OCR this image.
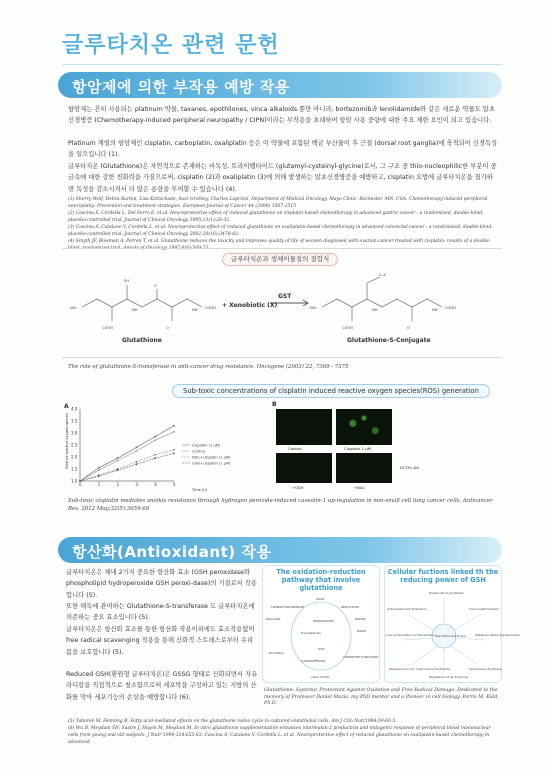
글루타치온 관련 문헌
항암제에 의한 부작용 예방 작용
항암제는 흔히 사용되는 platinum 약물, taxanes, epothilones, vinca alkaloids 뿐만 아니라, bortezomib과 lenolidamide와 같은 새로운 약물도 말초신경병증 (Chemotherapy-induced peripheral neuropathy / CIPN)이라는 부작용을 초래하며 항암 사용 중량에 대한 주요 제한 요인이 되고 있습니다.
Platinum 계열의 항암제인 cisplatin, carboplatin, oxaliplatin 등은 이 약물에 포함된 백금 부산물이 후 근절 (dorsal root ganglia)에 축적되어 신경독성을 일으킵니다 (1).
글루타치온 (Glutathione)은 자연적으로 존재하는 비독성, 트라이펩타이드 (glutamyl-cysteinyl-glycine)로서, 그 구조 중 thio-nucleophilic한 부분이 중금속에 대한 강한 친화력을 가짐으로써, cisplatin (2)과 oxaliplatin (3)에 의해 발생하는 말초신경병증을 예방하고, cisplatin 요법에 글루타치온을 첨가하면 독성을 감소시켜서 더 많은 용량을 투여할 수 있습니다 (4).
(1) Sherry Wolf, Debra Barton, Lisa Kottschade, Axel Grothey, Charles Loprinzi, Department of Medical Oncology, Mayo Clinic, Rochester, MN, USA. Chemotherapy-induced peripheral neuropathy: Prevention and treatment strategies. European Journal of Cancer 44 (2008) 1507-1515
(2) Cascinu S, Cordella L, Del Ferro E, et al. Neuroprotective effect of reduced glutathione on cisplatin-based chemotherapy in advanced gastric cancer : a randomized, double-blind, placebo-controlled trial. Journal of Clinical Oncology 1995;13(1):26-32.
(3) Cascinu S, Catalano V, Cordella L, et al. Neuroprotective effect of reduced glutathione on oxaliplatin-based chemotherapy in advanced colorectal cancer : a randomized, double-blind, placebo-controlled trial. Journal of Clinical Oncology 2002;20(16):3478-83.
(4) Smyth JF, Bowman A, Perren T, et al. Glutathione reduces the toxicity and improves quality of life of women diagnosed with ovarian cancer treated with cisplatin: results of a double-blind, randomized trial. Annals of Oncology 1997;8(6):569-73.
글루타치온과 생체이물질의 결합식
SH
NH₂
COOH
O
NH
O
NH COOH
S–X
NH₂
COOH	O
NH	NH COOH
+ Xenobiotic (X)
GST
Glutathione	Glutathione-S-Conjugate
The role of glutathione-S-transferase in anti-cancer drug resistance. Oncogene (2003) 22, 7369 - 7375
Sub-toxic concentrations of cisplatin induced reactive oxygen species(ROS) generation
A
Relative reactive oxygen species
Time (h)
1.0
1.5
2.0
2.5
3.0
3.5
4.0
0	1	2	3	4	5
Cisplatin (1 μM)
Control
NAC+cisplatin (1 μM)
GSH+cisplatin (1 μM)
B
Control	Cisplatin 1 μM
+GSH	+NAC
DCFH₂-DA
Sub-toxic cisplatin mediates anoikis resistance through hydrogen peroxide-induced caveolin-1 up-regulation in non-small cell lung cancer cells. Anticancer Res. 2012 May;32(5):3659-69
항산화(Antioxidant) 작용
글루타치온은 체내 2가지 중요한 항산화 효소 (GSH peroxidase와 phospholipid hydroperoxide GSH peroxi-dase)의 기질로서 작용합니다 (5).
또한 해독에 관여하는 Glutathione-S-transferase 도 글루타치온에 의존하는 중요 효소입니다 (5).
글루타치온은 항산화 효소를 통한 항산화 작용이외에도 효소작용없이 free radical scavenging 작용을 통해 산화적 스트레스로부터 우리 몸을 보호합니다 (5).
Reduced GSH(환원형 글루타치온)은 GSSG 형태로 산화되면서 자유 라디칼을 직접적으로 청소함으로써 세포막을 구성하고 있는 지방의 산화를 막아 세포기능의 손상을 예방합니다 (6).
The oxidation-reduction pathway that involve glutathione
GSSG
TRANSHYDROGENASE	REDUCTASE
Detoxifier	PEROXIDASES	NADPH
Free Radicals	NADP
GSH
Disulfides
S-TRANSFERASE
COENZYME FUNCTIONS
γGLU CYCLE
Cellular fuctions linked th the reducing power of GSH
Protein Struc.Synthesis
Antioxidant Cell Protection	Cell Growth Division
GSH Reducing Power
Low Consumption of Xenobiotics	Metabolic Reducing Reactions
Resistance to UV, Light,Ozone Protection
Regulation of Gli Enzymes
Leukotriene Synthesis
Glutathione: Systemic Protectant Against Oxidative and Free Radical Damage. Dedicated to the memory of Professor Daniel Mazia, my PhD mentor and a Pioneer in cell biology. Parris M. Kidd, Ph.D.
(5) Taborek M, Henning B. Fatty acid-mediated effects on the glutathione redox cycle in cultured endothelial cells. Am J Clin Nutr1994;59:60-5.
(6) Wu D, Meydani SN, Sastre J, Hayek M, Meydani M. In vitro glutathione supplementation enhances interleukin-2 production and mitogenic response of peripheral blood mononuclear cells from young and old subjects. J Nutr 1994;124:655-63. Cascinu S, Catalano V, Cordella L, et al. Neuroprotective effect of reduced glutathione on oxaliplatin-based chemotherapy in advanced
